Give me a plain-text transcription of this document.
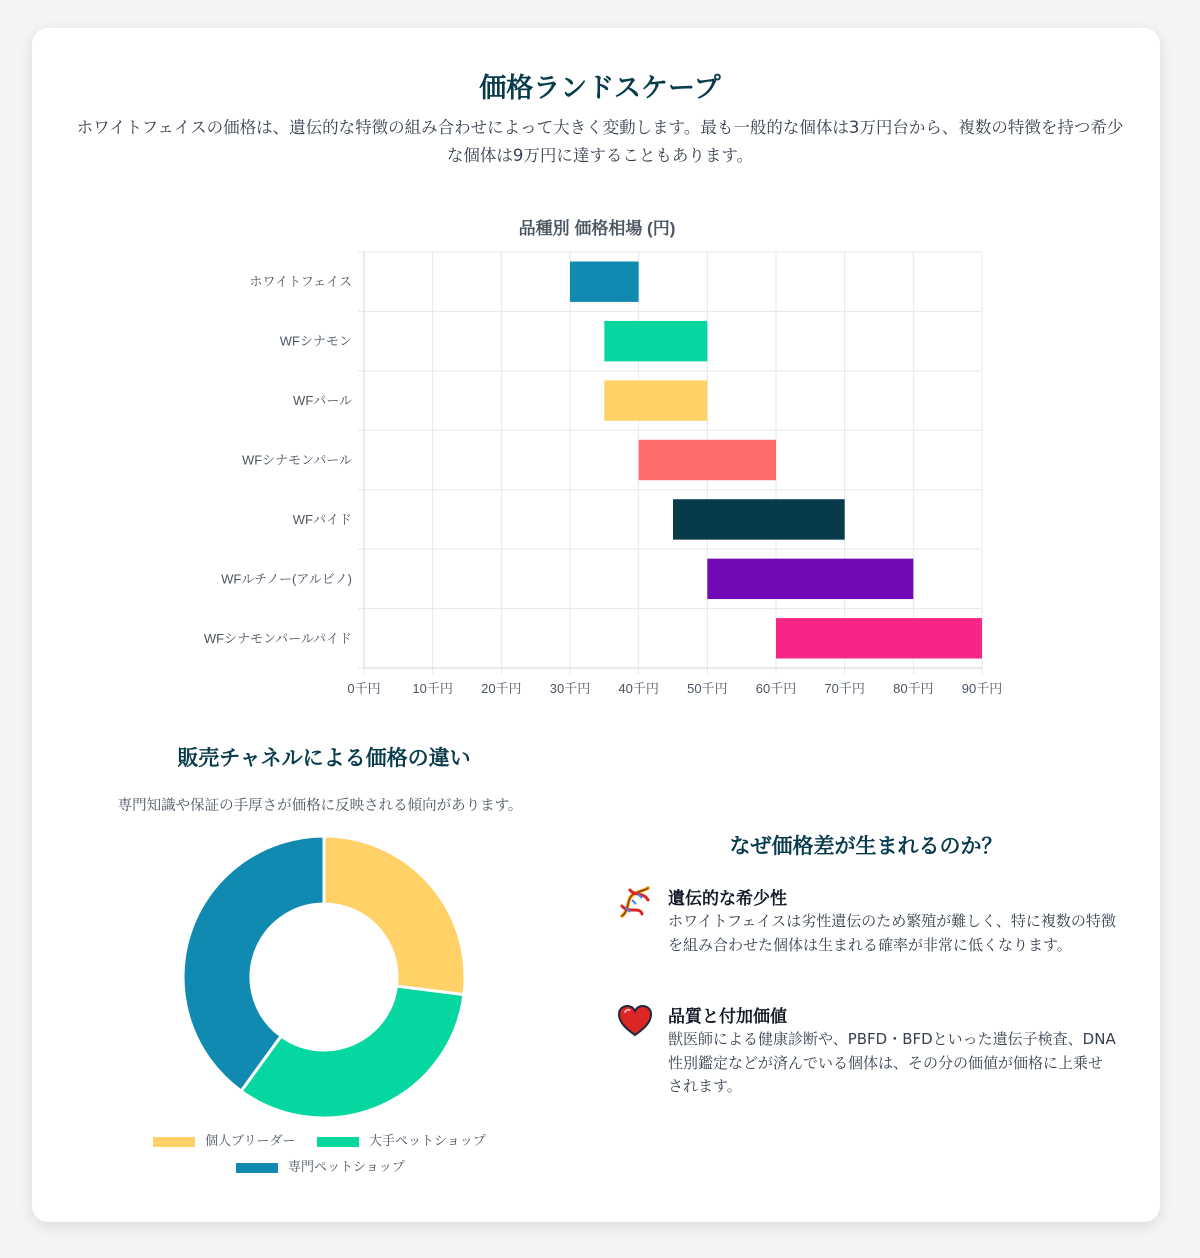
価格ランドスケープ

ホワイトフェイスの価格は、遺伝的な特徴の組み合わせによって大きく変動します。最も一般的な個体は3万円台から、複数の特徴を持つ希少な個体は9万円に達することもあります。

品種別 価格相場 (円)
0千円 10千円 20千円 30千円 40千円 50千円 60千円 70千円 80千円 90千円
ホワイトフェイス
WFシナモン
WFパール
WFシナモンパール
WFパイド
WFルチノー(アルビノ)
WFシナモンパールパイド
販売チャネルによる価格の違い

専門知識や保証の手厚さが価格に反映される傾向があります。

個人ブリーダー	大手ペットショップ
専門ペットショップ
なぜ価格差が生まれるのか？
遺伝的な希少性

ホワイトフェイスは劣性遺伝のため繁殖が難しく、特に複数の特徴を組み合わせた個体は生まれる確率が非常に低くなります。

品質と付加価値

獣医師による健康診断や、PBFD・BFDといった遺伝子検査、DNA性別鑑定などが済んでいる個体は、その分の価値が価格に上乗せされます。
